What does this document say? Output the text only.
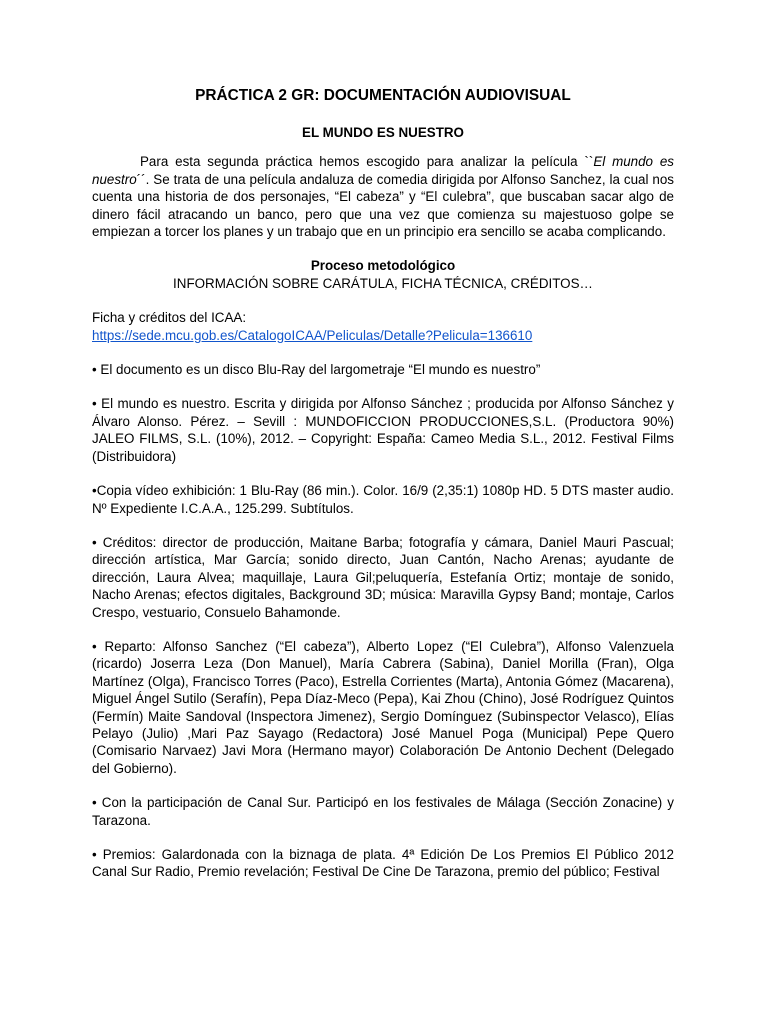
PRÁCTICA 2 GR: DOCUMENTACIÓN AUDIOVISUAL

EL MUNDO ES NUESTRO

Para esta segunda práctica hemos escogido para analizar la película ``El mundo es nuestro´´. Se trata de una película andaluza de comedia dirigida por Alfonso Sanchez, la cual nos cuenta una historia de dos personajes, “El cabeza” y “El culebra”, que buscaban sacar algo de dinero fácil atracando un banco, pero que una vez que comienza su majestuoso golpe se empiezan a torcer los planes y un trabajo que en un principio era sencillo se acaba complicando.

Proceso metodológico

INFORMACIÓN SOBRE CARÁTULA, FICHA TÉCNICA, CRÉDITOS…

Ficha y créditos del ICAA:

https://sede.mcu.gob.es/CatalogoICAA/Peliculas/Detalle?Pelicula=136610

• El documento es un disco Blu-Ray del largometraje “El mundo es nuestro”

• El mundo es nuestro. Escrita y dirigida por Alfonso Sánchez ; producida por Alfonso Sánchez y Álvaro Alonso. Pérez. – Sevill : MUNDOFICCION PRODUCCIONES,S.L. (Productora 90%) JALEO FILMS, S.L. (10%), 2012. – Copyright: España: Cameo Media S.L., 2012. Festival Films (Distribuidora)

•Copia vídeo exhibición: 1 Blu-Ray (86 min.). Color. 16/9 (2,35:1) 1080p HD. 5 DTS master audio. Nº Expediente I.C.A.A., 125.299. Subtítulos.

• Créditos: director de producción, Maitane Barba; fotografía y cámara, Daniel Mauri Pascual; dirección artística, Mar García; sonido directo, Juan Cantón, Nacho Arenas; ayudante de dirección, Laura Alvea; maquillaje, Laura Gil;peluquería, Estefanía Ortiz; montaje de sonido, Nacho Arenas; efectos digitales, Background 3D; música: Maravilla Gypsy Band; montaje, Carlos Crespo, vestuario, Consuelo Bahamonde.

• Reparto: Alfonso Sanchez (“El cabeza”), Alberto Lopez (“El Culebra”), Alfonso Valenzuela (ricardo) Joserra Leza (Don Manuel), María Cabrera (Sabina), Daniel Morilla (Fran), Olga Martínez (Olga), Francisco Torres (Paco), Estrella Corrientes (Marta), Antonia Gómez (Macarena), Miguel Ángel Sutilo (Serafín), Pepa Díaz-Meco (Pepa), Kai Zhou (Chino), José Rodríguez Quintos (Fermín) Maite Sandoval (Inspectora Jimenez), Sergio Domínguez (Subinspector Velasco), Elías Pelayo (Julio) ,Mari Paz Sayago (Redactora) José Manuel Poga (Municipal) Pepe Quero (Comisario Narvaez) Javi Mora (Hermano mayor) Colaboración De Antonio Dechent (Delegado del Gobierno).

• Con la participación de Canal Sur. Participó en los festivales de Málaga (Sección Zonacine) y Tarazona.

• Premios: Galardonada con la biznaga de plata. 4ª Edición De Los Premios El Público 2012 Canal Sur Radio, Premio revelación; Festival De Cine De Tarazona, premio del público; Festival
